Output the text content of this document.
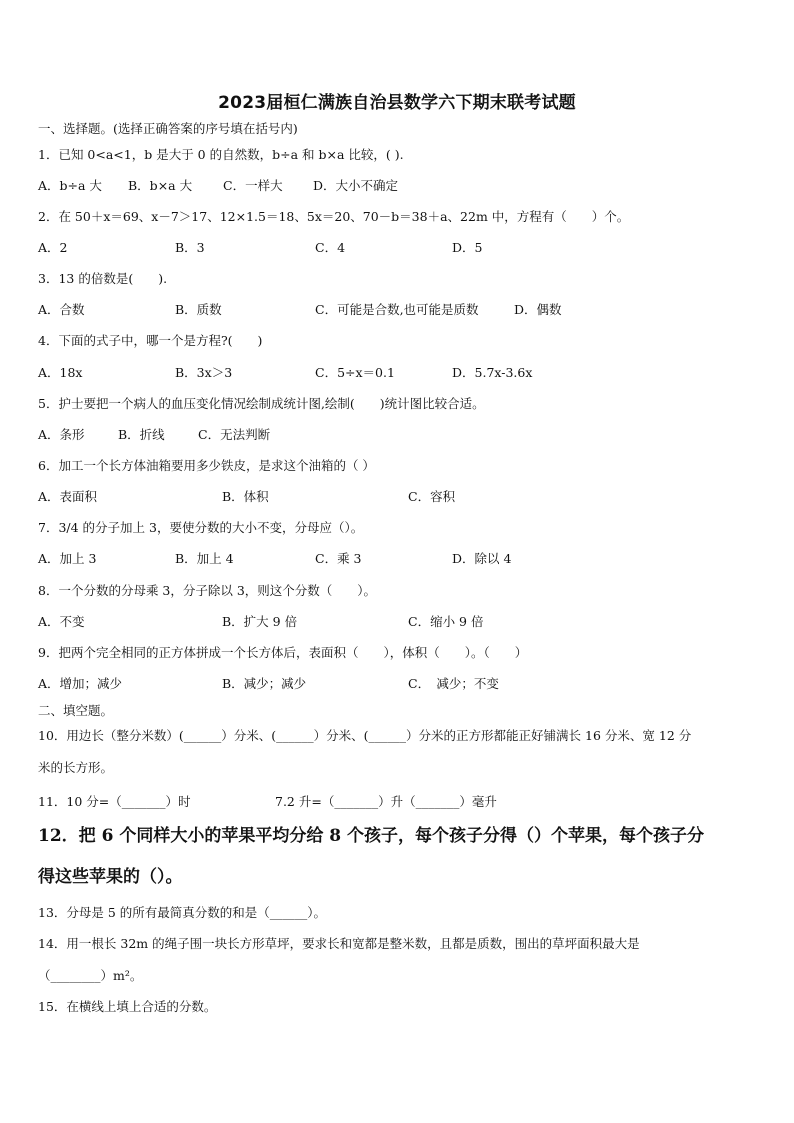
2023届桓仁满族自治县数学六下期末联考试题
一、选择题。(选择正确答案的序号填在括号内)
1．已知 0<a<1，b 是大于 0 的自然数，b÷a 和 b×a 比较，( ).
A．b÷a 大 B．b×a 大 C．一样大 D．大小不确定
2．在 50＋x＝69、x－7＞17、12×1.5＝18、5x＝20、70－b＝38＋a、22m 中，方程有（　　）个。
A．2	B．3	C．4	D．5
3．13 的倍数是(　　).
A．合数	B．质数	C．可能是合数,也可能是质数	D．偶数
4．下面的式子中，哪一个是方程?(　　)
A．18x	B．3x＞3	C．5÷x＝0.1	D．5.7x-3.6x
5．护士要把一个病人的血压变化情况绘制成统计图,绘制(　　)统计图比较合适。
A．条形	B．折线	C．无法判断
6．加工一个长方体油箱要用多少铁皮，是求这个油箱的（ ）
A．表面积	B．体积	C．容积
7．3/4 的分子加上 3，要使分数的大小不变，分母应（）。
A．加上 3	B．加上 4	C．乘 3	D．除以 4
8．一个分数的分母乘 3，分子除以 3，则这个分数（　　）。
A．不变	B．扩大 9 倍	C．缩小 9 倍
9．把两个完全相同的正方体拼成一个长方体后，表面积（　　），体积（　　）。（　　）
A．增加；减少	B．减少；减少	C．　减少；不变
二、填空题。
10．用边长（整分米数）(______）分米、(______）分米、(______）分米的正方形都能正好铺满长 16 分米、宽 12 分
米的长方形。
11．10 分=（_______）时	7.2 升=（_______）升（_______）毫升
12．把 6 个同样大小的苹果平均分给 8 个孩子，每个孩子分得（）个苹果，每个孩子分
得这些苹果的（）。
13．分母是 5 的所有最简真分数的和是（______）。
14．用一根长 32m 的绳子围一块长方形草坪，要求长和宽都是整米数，且都是质数，围出的草坪面积最大是
（________）m²。
15．在横线上填上合适的分数。
